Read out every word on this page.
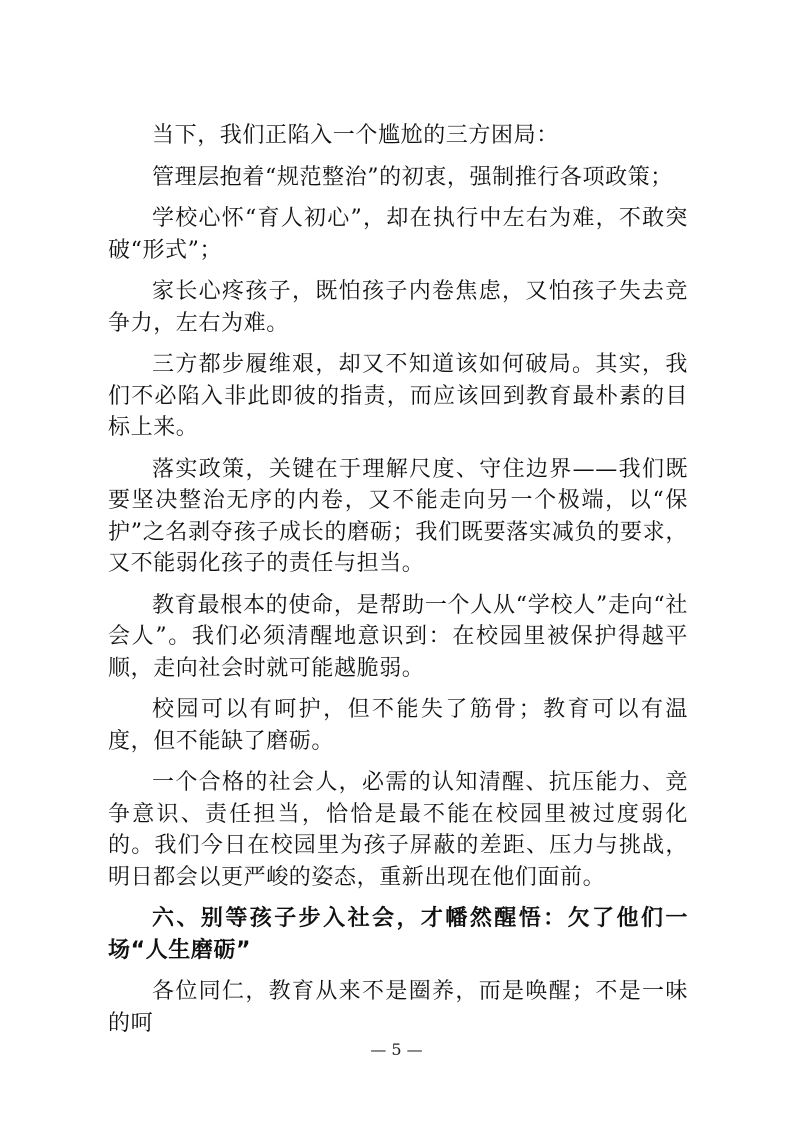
当下，我们正陷入一个尴尬的三方困局：

管理层抱着“规范整治”的初衷，强制推行各项政策；

学校心怀“育人初心”，却在执行中左右为难，不敢突破“形式”；

家长心疼孩子，既怕孩子内卷焦虑，又怕孩子失去竞争力，左右为难。

三方都步履维艰，却又不知道该如何破局。其实，我们不必陷入非此即彼的指责，而应该回到教育最朴素的目标上来。

落实政策，关键在于理解尺度、守住边界——我们既要坚决整治无序的内卷，又不能走向另一个极端，以“保护”之名剥夺孩子成长的磨砺；我们既要落实减负的要求，又不能弱化孩子的责任与担当。

教育最根本的使命，是帮助一个人从“学校人”走向“社会人”。我们必须清醒地意识到：在校园里被保护得越平顺，走向社会时就可能越脆弱。

校园可以有呵护，但不能失了筋骨；教育可以有温度，但不能缺了磨砺。

一个合格的社会人，必需的认知清醒、抗压能力、竞争意识、责任担当，恰恰是最不能在校园里被过度弱化的。我们今日在校园里为孩子屏蔽的差距、压力与挑战，明日都会以更严峻的姿态，重新出现在他们面前。

六、别等孩子步入社会，才幡然醒悟：欠了他们一场“人生磨砺”

各位同仁，教育从来不是圈养，而是唤醒；不是一味的呵

— 5 —
